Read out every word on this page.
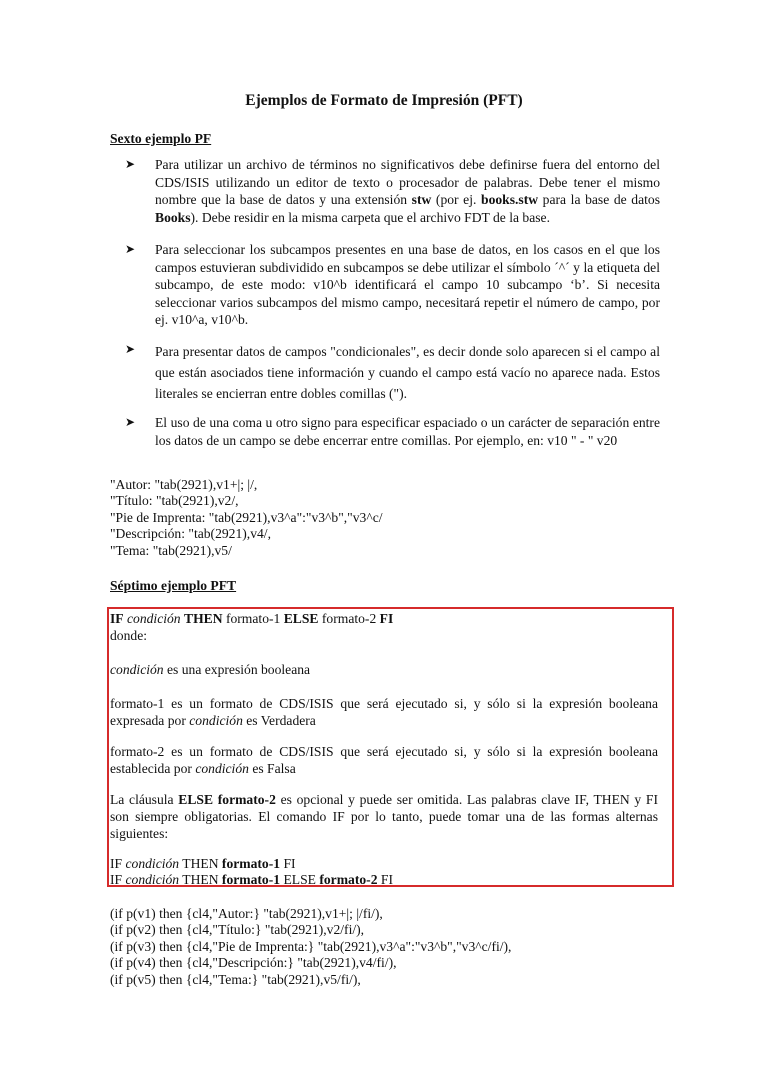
Ejemplos de Formato de Impresión (PFT)
Sexto ejemplo PF
➤ Para utilizar un archivo de términos no significativos debe definirse fuera del entorno del CDS/ISIS utilizando un editor de texto o procesador de palabras. Debe tener el mismo nombre que la base de datos y una extensión stw (por ej. books.stw para la base de datos Books). Debe residir en la misma carpeta que el archivo FDT de la base.
➤ Para seleccionar los subcampos presentes en una base de datos, en los casos en el que los campos estuvieran subdividido en subcampos se debe utilizar el símbolo ´^´ y la etiqueta del subcampo, de este modo: v10^b identificará el campo 10 subcampo ‘b’. Si necesita seleccionar varios subcampos del mismo campo, necesitará repetir el número de campo, por ej. v10^a, v10^b.
➤ Para presentar datos de campos "condicionales", es decir donde solo aparecen si el campo al que están asociados tiene información y cuando el campo está vacío no aparece nada. Estos literales se encierran entre dobles comillas (").
➤ El uso de una coma u otro signo para especificar espaciado o un carácter de separación entre los datos de un campo se debe encerrar entre comillas. Por ejemplo, en: v10 " - " v20
"Autor: "tab(2921),v1+|; |/,
"Título: "tab(2921),v2/,
"Pie de Imprenta: "tab(2921),v3^a":"v3^b","v3^c/
"Descripción: "tab(2921),v4/,
"Tema: "tab(2921),v5/
Séptimo ejemplo PFT
IF condición THEN formato-1 ELSE formato-2 FI
donde:
condición es una expresión booleana
formato-1 es un formato de CDS/ISIS que será ejecutado si, y sólo si la expresión booleana expresada por condición es Verdadera
formato-2 es un formato de CDS/ISIS que será ejecutado si, y sólo si la expresión booleana establecida por condición es Falsa
La cláusula ELSE formato-2 es opcional y puede ser omitida. Las palabras clave IF, THEN y FI son siempre obligatorias. El comando IF por lo tanto, puede tomar una de las formas alternas siguientes:
IF condición THEN formato-1 FI
IF condición THEN formato-1 ELSE formato-2 FI
(if p(v1) then {cl4,"Autor:} "tab(2921),v1+|; |/fi/),
(if p(v2) then {cl4,"Título:} "tab(2921),v2/fi/),
(if p(v3) then {cl4,"Pie de Imprenta:} "tab(2921),v3^a":"v3^b","v3^c/fi/),
(if p(v4) then {cl4,"Descripción:} "tab(2921),v4/fi/),
(if p(v5) then {cl4,"Tema:} "tab(2921),v5/fi/),
